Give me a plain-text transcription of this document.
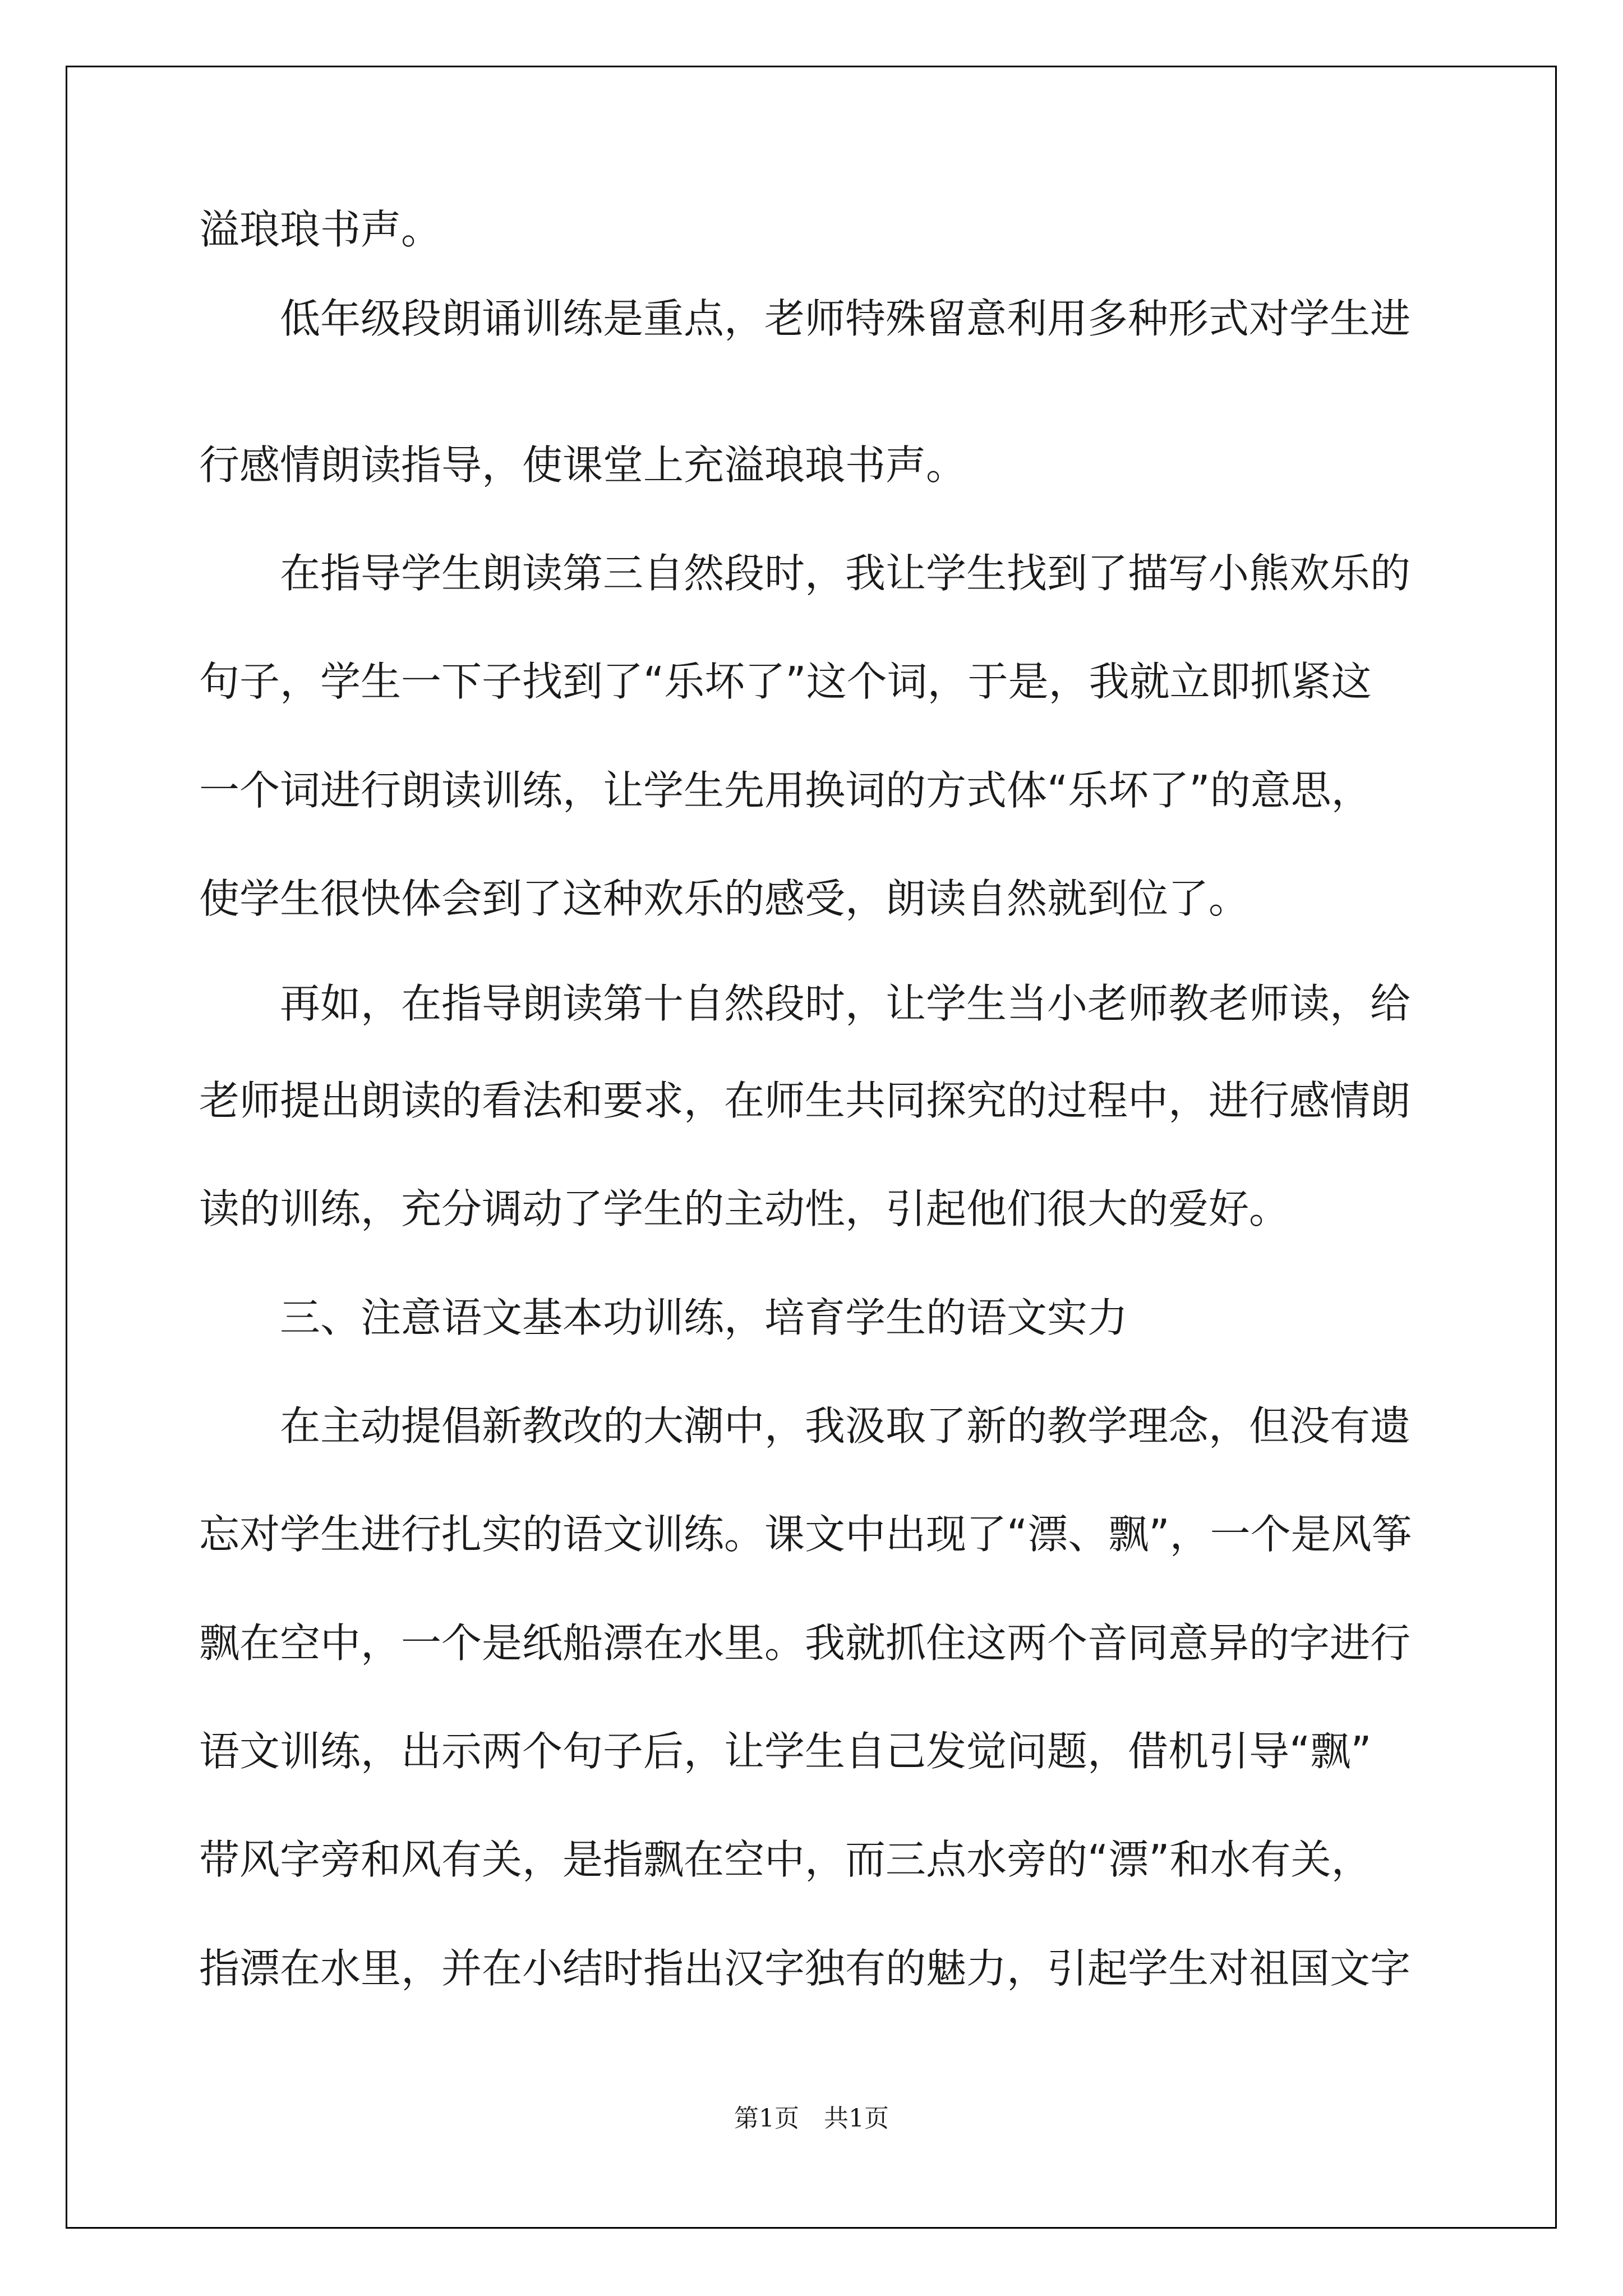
溢琅琅书声。

低年级段朗诵训练是重点，老师特殊留意利用多种形式对学生进

行感情朗读指导，使课堂上充溢琅琅书声。

在指导学生朗读第三自然段时，我让学生找到了描写小熊欢乐的

句子，学生一下子找到了“乐坏了”这个词，于是，我就立即抓紧这

一个词进行朗读训练，让学生先用换词的方式体“乐坏了”的意思，

使学生很快体会到了这种欢乐的感受，朗读自然就到位了。

再如，在指导朗读第十自然段时，让学生当小老师教老师读，给

老师提出朗读的看法和要求，在师生共同探究的过程中，进行感情朗

读的训练，充分调动了学生的主动性，引起他们很大的爱好。

三、注意语文基本功训练，培育学生的语文实力

在主动提倡新教改的大潮中，我汲取了新的教学理念，但没有遗

忘对学生进行扎实的语文训练。课文中出现了“漂、飘”，一个是风筝

飘在空中，一个是纸船漂在水里。我就抓住这两个音同意异的字进行

语文训练，出示两个句子后，让学生自己发觉问题，借机引导“飘”

带风字旁和风有关，是指飘在空中，而三点水旁的“漂”和水有关，

指漂在水里，并在小结时指出汉字独有的魅力，引起学生对祖国文字

第1页 共1页
